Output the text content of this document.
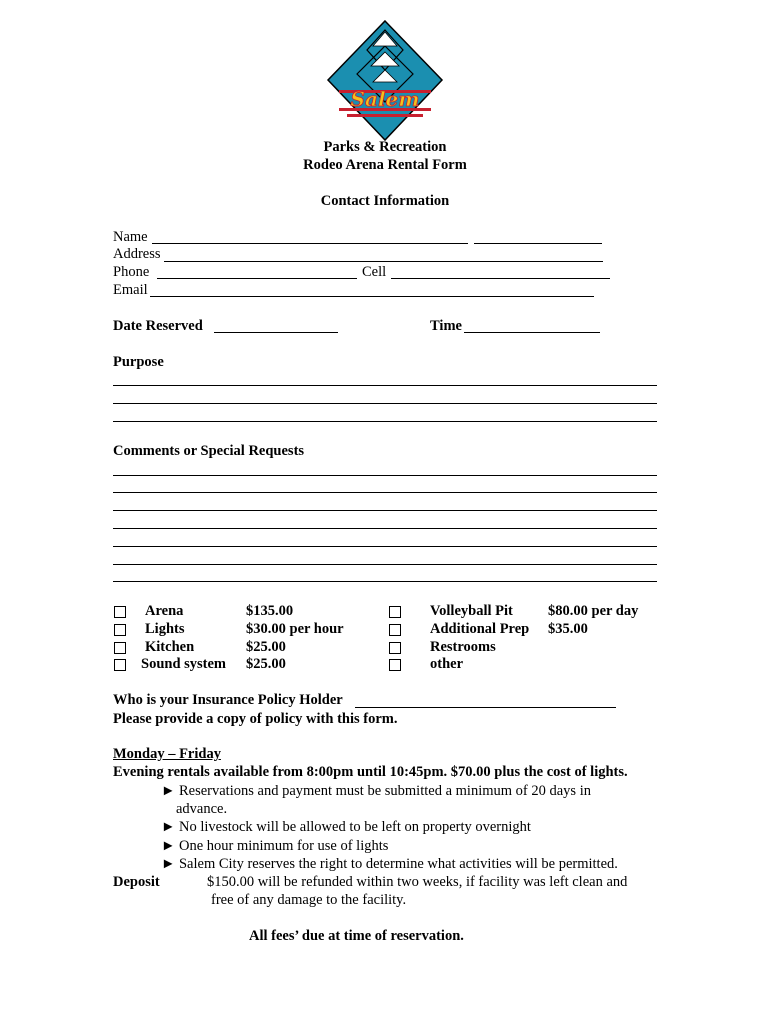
Salem
Parks & Recreation
Rodeo Arena Rental Form
Contact Information
Name
Address
Phone	Cell
Email
Date Reserved	Time
Purpose
Comments or Special Requests
Arena	$135.00
Lights	$30.00 per hour
Kitchen	$25.00
Sound system $25.00
Volleyball Pit $80.00 per day
Additional Prep $35.00
Restrooms
other
Who is your Insurance Policy Holder
Please provide a copy of policy with this form.
Monday – Friday
Evening rentals available from 8:00pm until 10:45pm. $70.00 plus the cost of lights.
► Reservations and payment must be submitted a minimum of 20 days in
advance.
► No livestock will be allowed to be left on property overnight
► One hour minimum for use of lights
► Salem City reserves the right to determine what activities will be permitted.
Deposit	$150.00 will be refunded within two weeks, if facility was left clean and
free of any damage to the facility.
All fees’ due at time of reservation.
